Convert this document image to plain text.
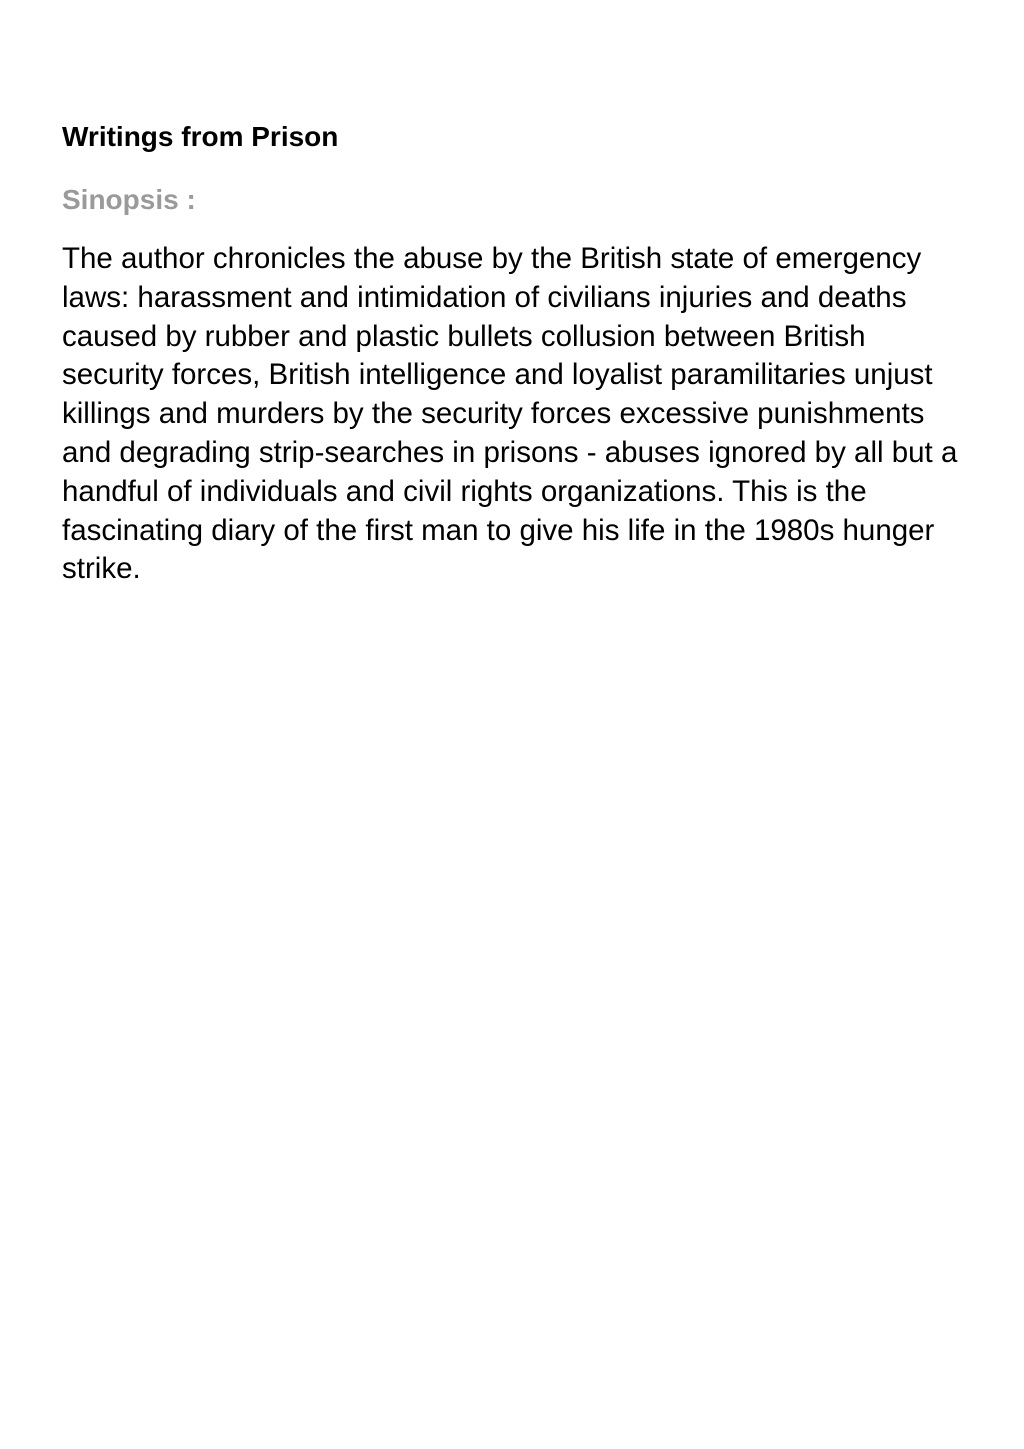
Writings from Prison
Sinopsis :

The author chronicles the abuse by the British state of emergency laws: harassment and intimidation of civilians injuries and deaths caused by rubber and plastic bullets collusion between British security forces, British intelligence and loyalist paramilitaries unjust killings and murders by the security forces excessive punishments and degrading strip-searches in prisons - abuses ignored by all but a handful of individuals and civil rights organizations. This is the fascinating diary of the first man to give his life in the 1980s hunger strike.
